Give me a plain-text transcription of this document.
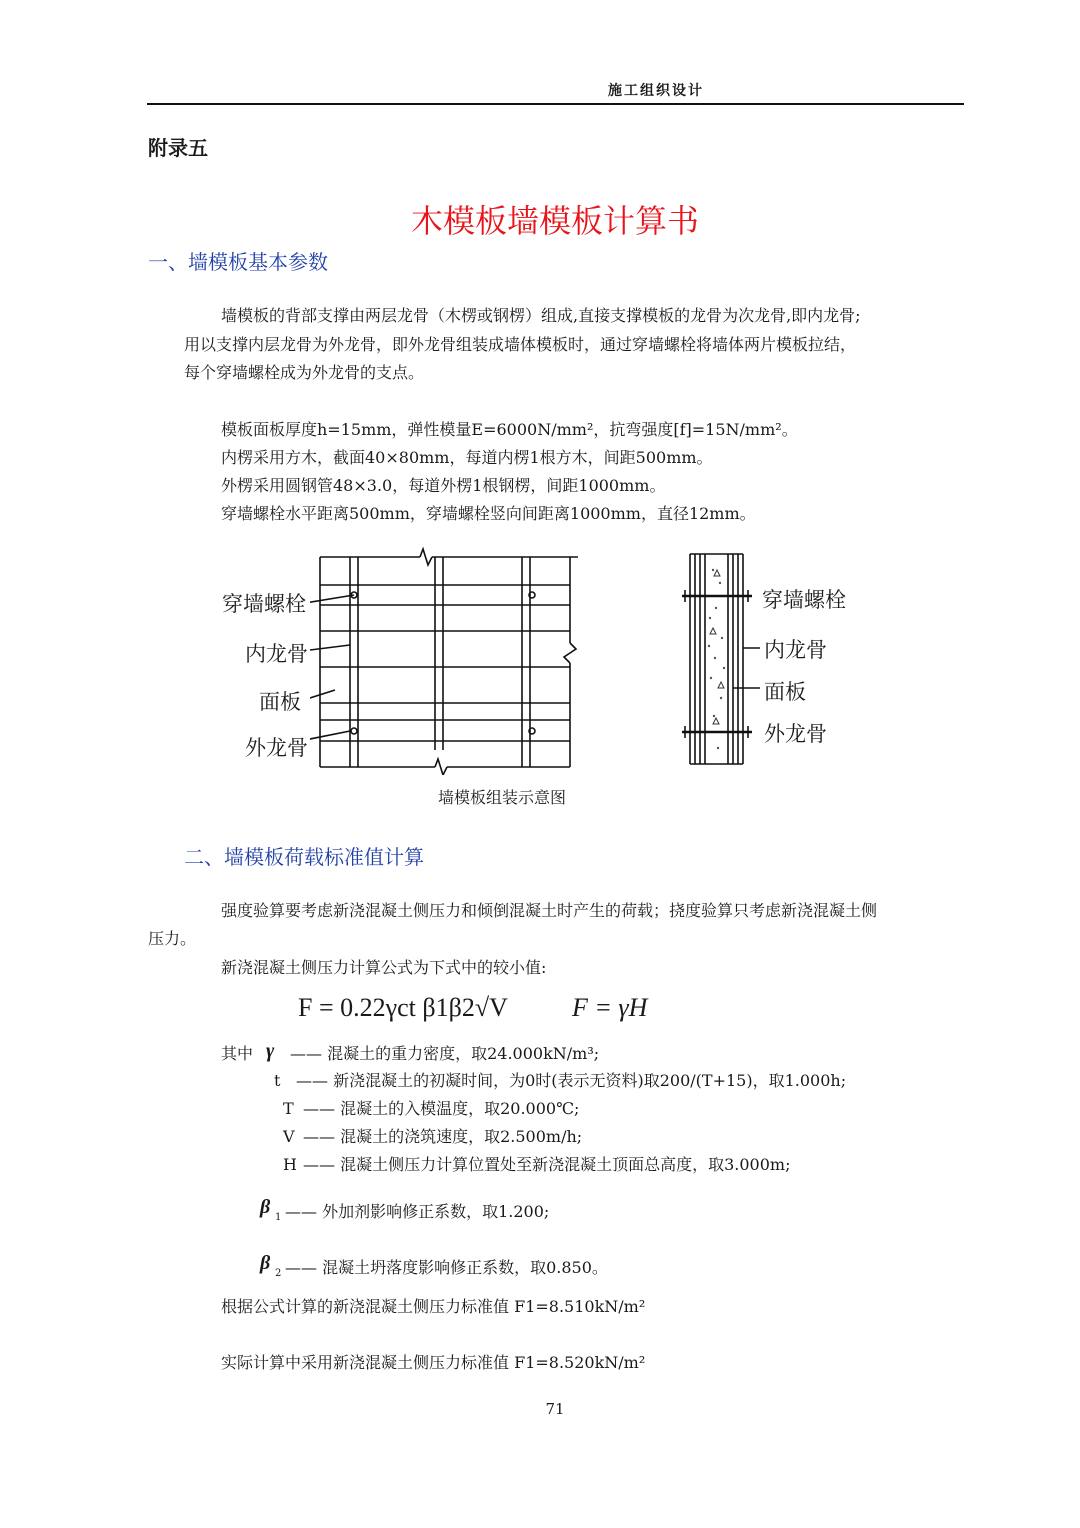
施工组织设计
附录五
木模板墙模板计算书
一、墙模板基本参数
墙模板的背部支撑由两层龙骨（木楞或钢楞）组成,直接支撑模板的龙骨为次龙骨,即内龙骨;
用以支撑内层龙骨为外龙骨，即外龙骨组装成墙体模板时，通过穿墙螺栓将墙体两片模板拉结，
每个穿墙螺栓成为外龙骨的支点。
模板面板厚度h=15mm，弹性模量E=6000N/mm²，抗弯强度[f]=15N/mm²。
内楞采用方木，截面40×80mm，每道内楞1根方木，间距500mm。
外楞采用圆钢管48×3.0，每道外楞1根钢楞，间距1000mm。
穿墙螺栓水平距离500mm，穿墙螺栓竖向间距离1000mm，直径12mm。
穿墙螺栓
内龙骨
面板
外龙骨
穿墙螺栓
内龙骨
面板
外龙骨
墙模板组装示意图
二、墙模板荷载标准值计算
强度验算要考虑新浇混凝土侧压力和倾倒混凝土时产生的荷载；挠度验算只考虑新浇混凝土侧
压力。
新浇混凝土侧压力计算公式为下式中的较小值:
F = 0.22γct β1β2√V F = γH
其中 γ —— 混凝土的重力密度，取24.000kN/m³;
t —— 新浇混凝土的初凝时间，为0时(表示无资料)取200/(T+15)，取1.000h;
T —— 混凝土的入模温度，取20.000℃;
V —— 混凝土的浇筑速度，取2.500m/h;
H —— 混凝土侧压力计算位置处至新浇混凝土顶面总高度，取3.000m;
β 1 —— 外加剂影响修正系数，取1.200;
β 2 —— 混凝土坍落度影响修正系数，取0.850。
根据公式计算的新浇混凝土侧压力标准值 F1=8.510kN/m²
实际计算中采用新浇混凝土侧压力标准值 F1=8.520kN/m²
71
